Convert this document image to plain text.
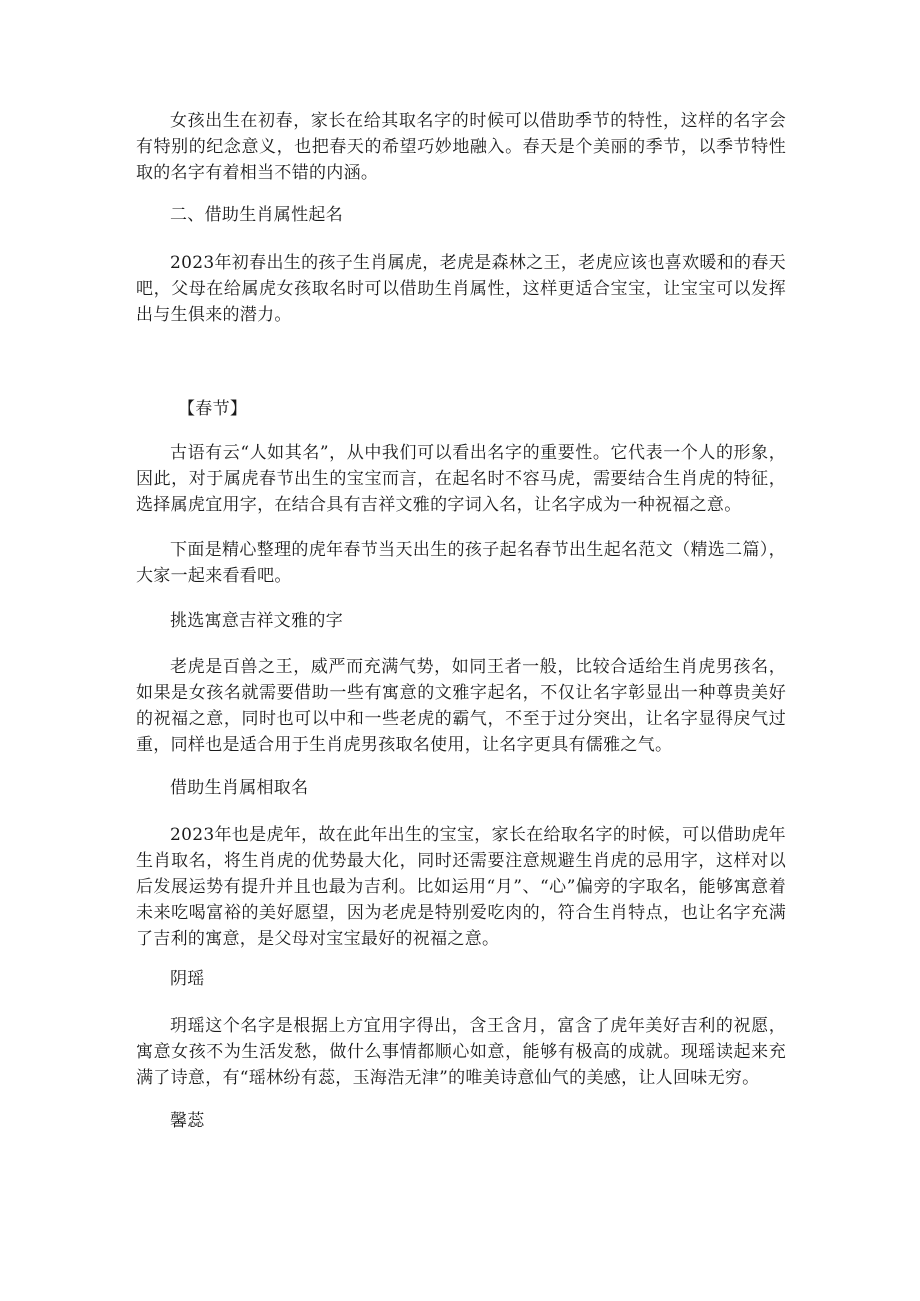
女孩出生在初春，家长在给其取名字的时候可以借助季节的特性，这样的名字会有特别的纪念意义，也把春天的希望巧妙地融入。春天是个美丽的季节，以季节特性取的名字有着相当不错的内涵。

二、借助生肖属性起名

2023年初春出生的孩子生肖属虎，老虎是森林之王，老虎应该也喜欢暖和的春天吧，父母在给属虎女孩取名时可以借助生肖属性，这样更适合宝宝，让宝宝可以发挥出与生俱来的潜力。

【春节】

古语有云“人如其名”，从中我们可以看出名字的重要性。它代表一个人的形象，因此，对于属虎春节出生的宝宝而言，在起名时不容马虎，需要结合生肖虎的特征，选择属虎宜用字，在结合具有吉祥文雅的字词入名，让名字成为一种祝福之意。

下面是精心整理的虎年春节当天出生的孩子起名春节出生起名范文（精选二篇），大家一起来看看吧。

挑选寓意吉祥文雅的字

老虎是百兽之王，威严而充满气势，如同王者一般，比较合适给生肖虎男孩名，如果是女孩名就需要借助一些有寓意的文雅字起名，不仅让名字彰显出一种尊贵美好的祝福之意，同时也可以中和一些老虎的霸气，不至于过分突出，让名字显得戾气过重，同样也是适合用于生肖虎男孩取名使用，让名字更具有儒雅之气。

借助生肖属相取名

2023年也是虎年，故在此年出生的宝宝，家长在给取名字的时候，可以借助虎年生肖取名，将生肖虎的优势最大化，同时还需要注意规避生肖虎的忌用字，这样对以后发展运势有提升并且也最为吉利。比如运用“月”、“心”偏旁的字取名，能够寓意着未来吃喝富裕的美好愿望，因为老虎是特别爱吃肉的，符合生肖特点，也让名字充满了吉利的寓意，是父母对宝宝最好的祝福之意。

阴瑶

玥瑶这个名字是根据上方宜用字得出，含王含月，富含了虎年美好吉利的祝愿，寓意女孩不为生活发愁，做什么事情都顺心如意，能够有极高的成就。现瑶读起来充满了诗意，有“瑶林纷有蕊，玉海浩无津”的唯美诗意仙气的美感，让人回味无穷。

馨蕊
